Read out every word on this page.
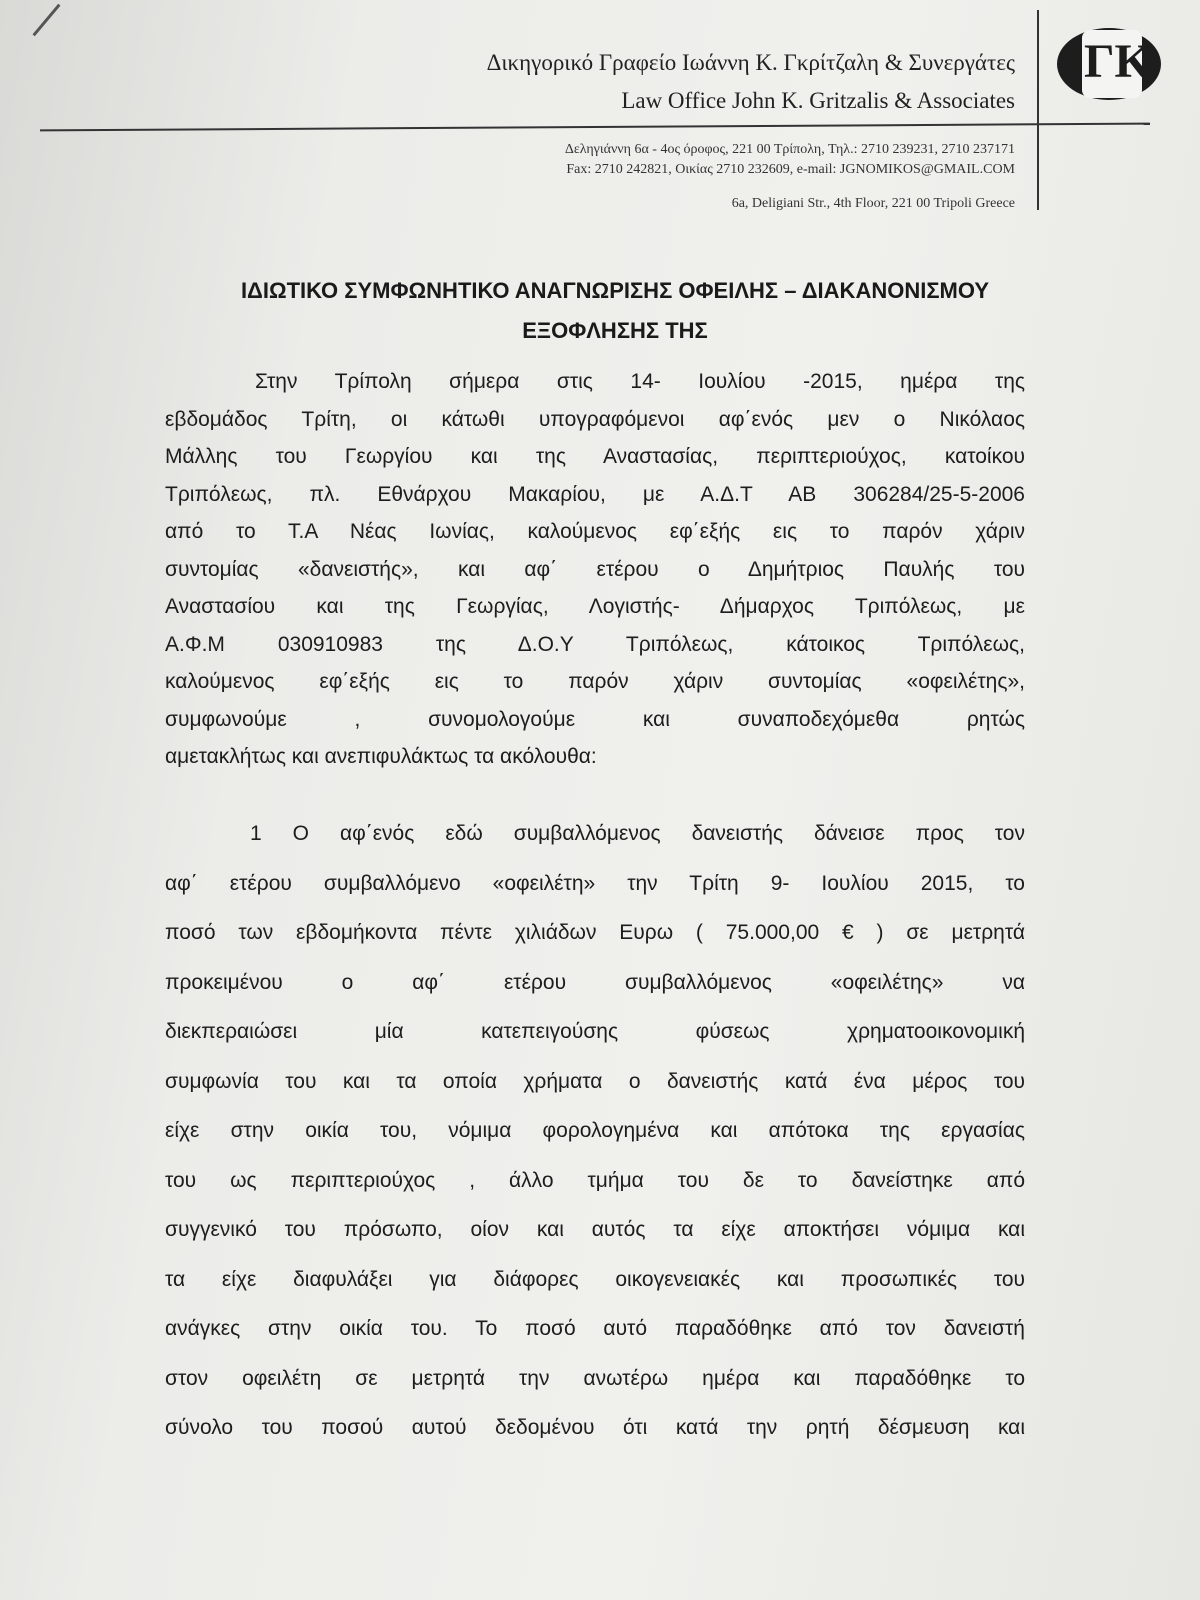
Δικηγορικό Γραφείο Ιωάννη Κ. Γκρίτζαλη & Συνεργάτες
Law Office John K. Gritzalis & Associates
ΓΚ
Δεληγιάννη 6α - 4ος όροφος, 221 00 Τρίπολη, Τηλ.: 2710 239231, 2710 237171
Fax: 2710 242821, Οικίας 2710 232609, e-mail: JGNOMIKOS@GMAIL.COM
6a, Deligiani Str., 4th Floor, 221 00 Tripoli Greece
ΙΔΙΩΤΙΚΟ ΣΥΜΦΩΝΗΤΙΚΟ ΑΝΑΓΝΩΡΙΣΗΣ ΟΦΕΙΛΗΣ – ΔΙΑΚΑΝΟΝΙΣΜΟΥ
ΕΞΟΦΛΗΣΗΣ ΤΗΣ
Στην Τρίπολη σήμερα στις 14- Ιουλίου -2015, ημέρα της
εβδομάδος Τρίτη, οι κάτωθι υπογραφόμενοι αφ΄ενός μεν ο Νικόλαος
Μάλλης του Γεωργίου και της Αναστασίας, περιπτεριούχος, κατοίκου
Τριπόλεως, πλ. Εθνάρχου Μακαρίου, με Α.Δ.Τ ΑΒ 306284/25-5-2006
από το Τ.Α Νέας Ιωνίας, καλούμενος εφ΄εξής εις το παρόν χάριν
συντομίας «δανειστής», και αφ΄ ετέρου ο Δημήτριος Παυλής του
Αναστασίου και της Γεωργίας, Λογιστής- Δήμαρχος Τριπόλεως, με
Α.Φ.Μ 030910983 της Δ.Ο.Υ Τριπόλεως, κάτοικος Τριπόλεως,
καλούμενος εφ΄εξής εις το παρόν χάριν συντομίας «οφειλέτης»,
συμφωνούμε , συνομολογούμε και συναποδεχόμεθα ρητώς
αμετακλήτως και ανεπιφυλάκτως τα ακόλουθα:
1 Ο αφ΄ενός εδώ συμβαλλόμενος δανειστής δάνεισε προς τον
αφ΄ ετέρου συμβαλλόμενο «οφειλέτη» την Τρίτη 9- Ιουλίου 2015, το
ποσό των εβδομήκοντα πέντε χιλιάδων Ευρω ( 75.000,00 € ) σε μετρητά
προκειμένου ο αφ΄ ετέρου συμβαλλόμενος «οφειλέτης» να
διεκπεραιώσει μία κατεπειγούσης φύσεως χρηματοοικονομική
συμφωνία του και τα οποία χρήματα ο δανειστής κατά ένα μέρος του
είχε στην οικία του, νόμιμα φορολογημένα και απότοκα της εργασίας
του ως περιπτεριούχος , άλλο τμήμα του δε το δανείστηκε από
συγγενικό του πρόσωπο, οίον και αυτός τα είχε αποκτήσει νόμιμα και
τα είχε διαφυλάξει για διάφορες οικογενειακές και προσωπικές του
ανάγκες στην οικία του. Το ποσό αυτό παραδόθηκε από τον δανειστή
στον οφειλέτη σε μετρητά την ανωτέρω ημέρα και παραδόθηκε το
σύνολο του ποσού αυτού δεδομένου ότι κατά την ρητή δέσμευση και
